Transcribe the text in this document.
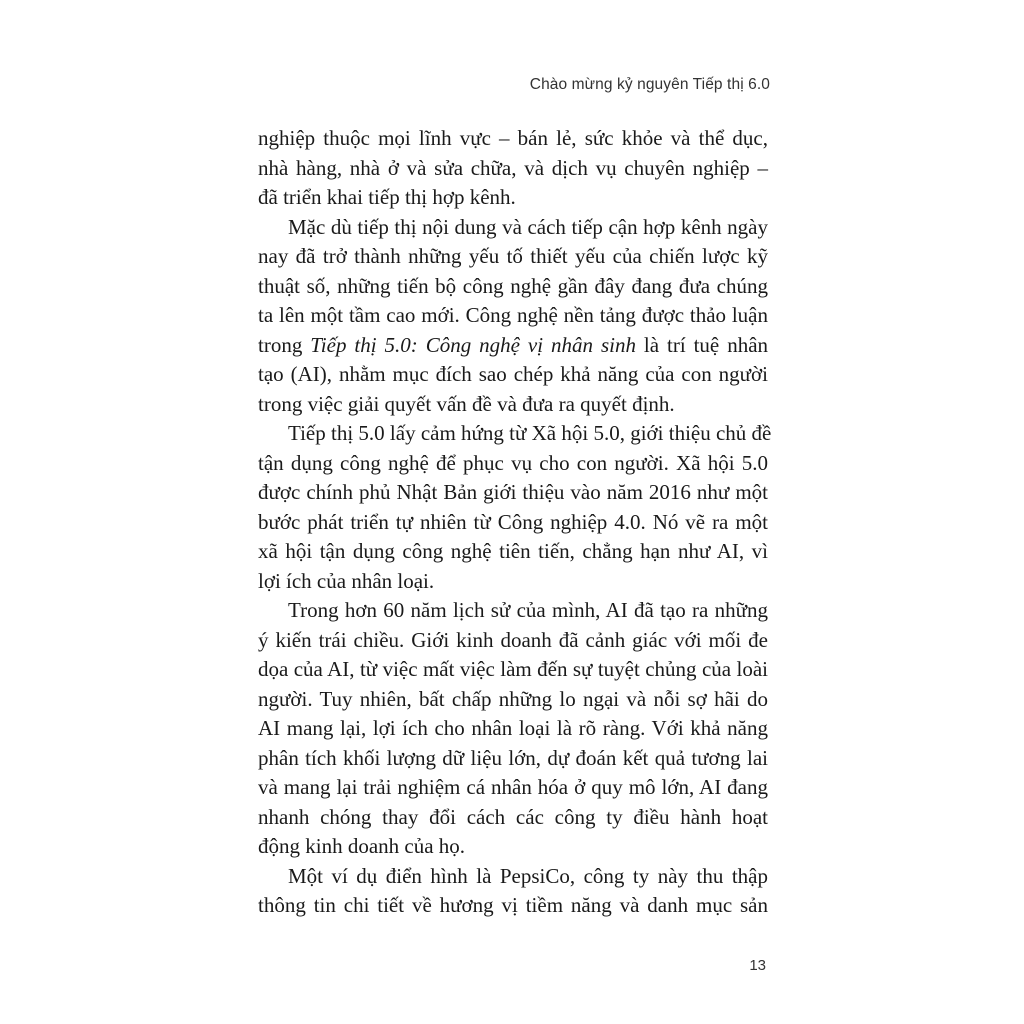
Chào mừng kỷ nguyên Tiếp thị 6.0
nghiệp thuộc mọi lĩnh vực – bán lẻ, sức khỏe và thể dục,
nhà hàng, nhà ở và sửa chữa, và dịch vụ chuyên nghiệp –
đã triển khai tiếp thị hợp kênh.
Mặc dù tiếp thị nội dung và cách tiếp cận hợp kênh ngày
nay đã trở thành những yếu tố thiết yếu của chiến lược kỹ
thuật số, những tiến bộ công nghệ gần đây đang đưa chúng
ta lên một tầm cao mới. Công nghệ nền tảng được thảo luận
trong Tiếp thị 5.0: Công nghệ vị nhân sinh là trí tuệ nhân
tạo (AI), nhằm mục đích sao chép khả năng của con người
trong việc giải quyết vấn đề và đưa ra quyết định.
Tiếp thị 5.0 lấy cảm hứng từ Xã hội 5.0, giới thiệu chủ đề
tận dụng công nghệ để phục vụ cho con người. Xã hội 5.0
được chính phủ Nhật Bản giới thiệu vào năm 2016 như một
bước phát triển tự nhiên từ Công nghiệp 4.0. Nó vẽ ra một
xã hội tận dụng công nghệ tiên tiến, chẳng hạn như AI, vì
lợi ích của nhân loại.
Trong hơn 60 năm lịch sử của mình, AI đã tạo ra những
ý kiến trái chiều. Giới kinh doanh đã cảnh giác với mối đe
dọa của AI, từ việc mất việc làm đến sự tuyệt chủng của loài
người. Tuy nhiên, bất chấp những lo ngại và nỗi sợ hãi do
AI mang lại, lợi ích cho nhân loại là rõ ràng. Với khả năng
phân tích khối lượng dữ liệu lớn, dự đoán kết quả tương lai
và mang lại trải nghiệm cá nhân hóa ở quy mô lớn, AI đang
nhanh chóng thay đổi cách các công ty điều hành hoạt
động kinh doanh của họ.
Một ví dụ điển hình là PepsiCo, công ty này thu thập
thông tin chi tiết về hương vị tiềm năng và danh mục sản
13
